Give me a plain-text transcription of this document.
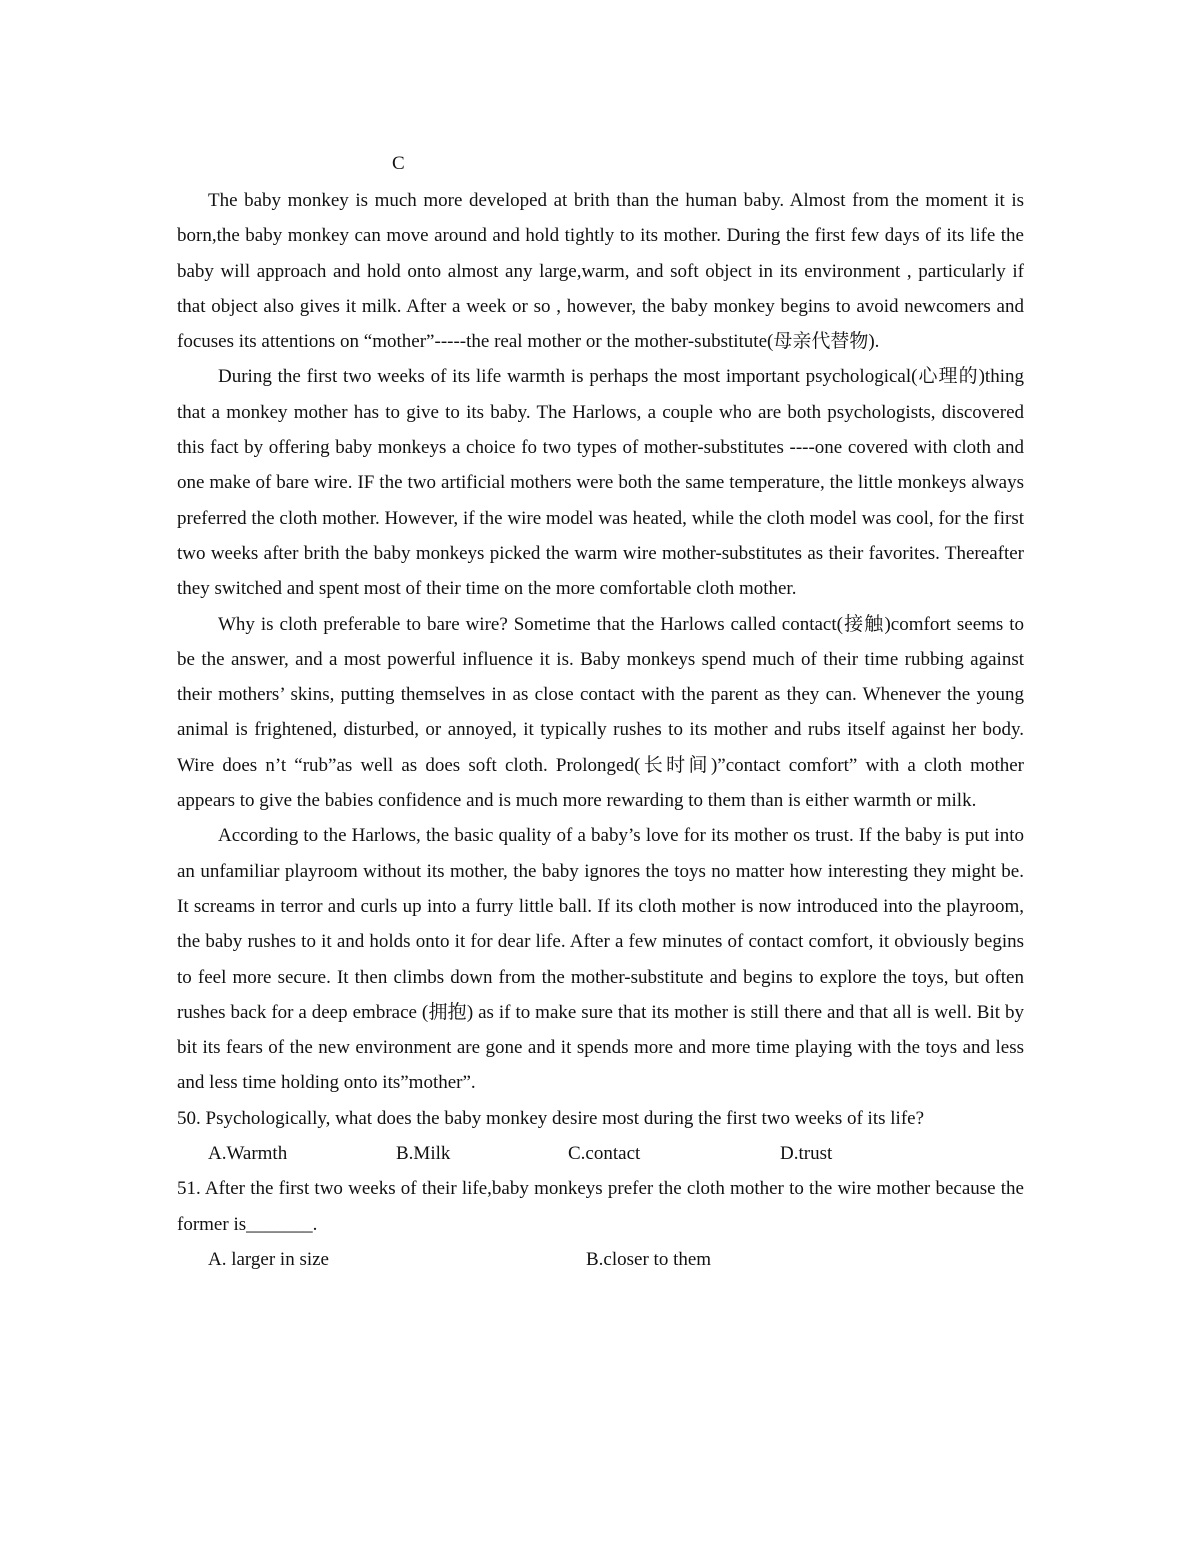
C

The baby monkey is much more developed at brith than the human baby. Almost from the moment it is born,the baby monkey can move around and hold tightly to its mother. During the first few days of its life the baby will approach and hold onto almost any large,warm, and soft object in its environment , particularly if that object also gives it milk. After a week or so , however, the baby monkey begins to avoid newcomers and focuses its attentions on “mother”-----the real mother or the mother-substitute(母亲代替物).

During the first two weeks of its life warmth is perhaps the most important psychological(心理的)thing that a monkey mother has to give to its baby. The Harlows, a couple who are both psychologists, discovered this fact by offering baby monkeys a choice fo two types of mother-substitutes ----one covered with cloth and one make of bare wire. IF the two artificial mothers were both the same temperature, the little monkeys always preferred the cloth mother. However, if the wire model was heated, while the cloth model was cool, for the first two weeks after brith the baby monkeys picked the warm wire mother-substitutes as their favorites. Thereafter they switched and spent most of their time on the more comfortable cloth mother.

Why is cloth preferable to bare wire? Sometime that the Harlows called contact(接触)comfort seems to be the answer, and a most powerful influence it is. Baby monkeys spend much of their time rubbing against their mothers’ skins, putting themselves in as close contact with the parent as they can. Whenever the young animal is frightened, disturbed, or annoyed, it typically rushes to its mother and rubs itself against her body. Wire does n’t “rub”as well as does soft cloth. Prolonged(长时间)”contact comfort” with a cloth mother appears to give the babies confidence and is much more rewarding to them than is either warmth or milk.

According to the Harlows, the basic quality of a baby’s love for its mother os trust. If the baby is put into an unfamiliar playroom without its mother, the baby ignores the toys no matter how interesting they might be. It screams in terror and curls up into a furry little ball. If its cloth mother is now introduced into the playroom, the baby rushes to it and holds onto it for dear life. After a few minutes of contact comfort, it obviously begins to feel more secure. It then climbs down from the mother-substitute and begins to explore the toys, but often rushes back for a deep embrace (拥抱) as if to make sure that its mother is still there and that all is well. Bit by bit its fears of the new environment are gone and it spends more and more time playing with the toys and less and less time holding onto its”mother”.

50. Psychologically, what does the baby monkey desire most during the first two weeks of its life?

A.Warmth	B.Milk	C.contact	D.trust

51. After the first two weeks of their life,baby monkeys prefer the cloth mother to the wire mother because the former is_______.

A. larger in size	B.closer to them
